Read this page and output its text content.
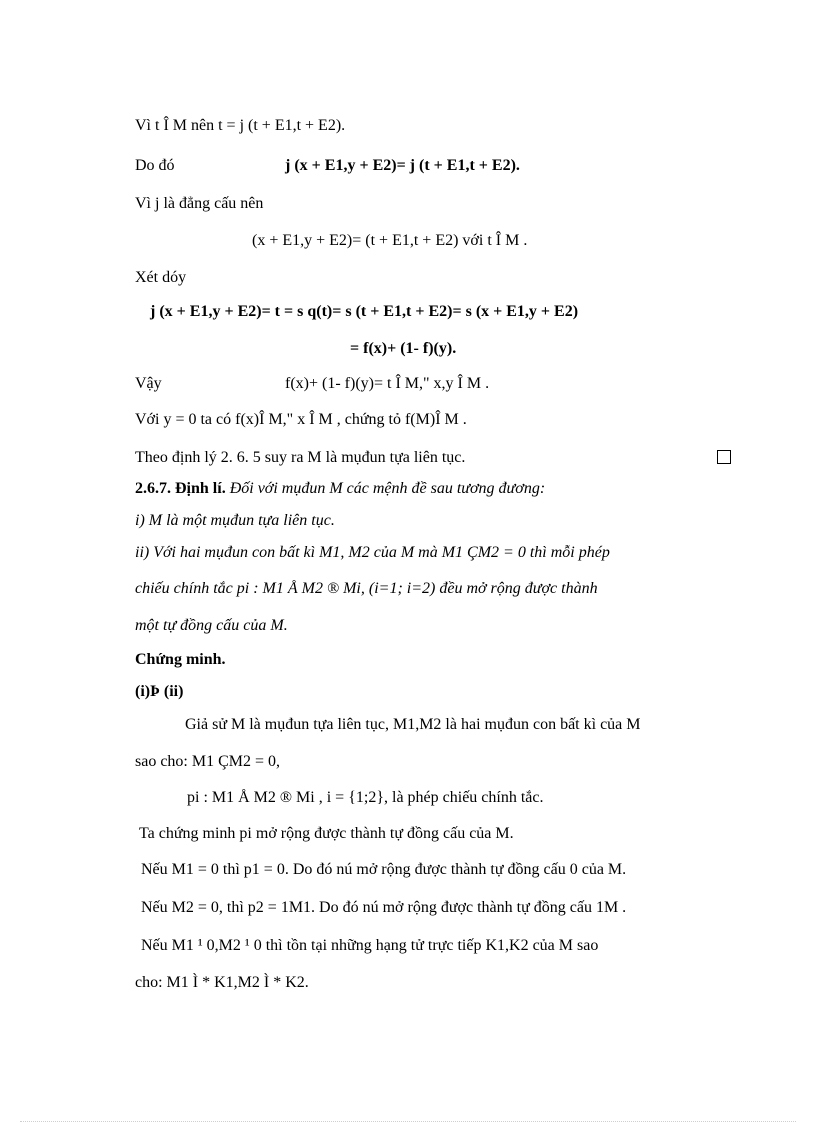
Vì t Î M nên t = j (t + E1,t + E2).
Do đó	j (x + E1,y + E2)= j (t + E1,t + E2).
Vì j là đẳng cấu nên
(x + E1,y + E2)= (t + E1,t + E2) với t Î M .
Xét dóy
j (x + E1,y + E2)= t = s q(t)= s (t + E1,t + E2)= s (x + E1,y + E2)
= f(x)+ (1- f)(y).
Vậy	f(x)+ (1- f)(y)= t Î M," x,y Î M .
Với y = 0 ta có f(x)Î M," x Î M , chứng tỏ f(M)Î M .
Theo định lý 2. 6. 5 suy ra M là mụđun tựa liên tục.
2.6.7. Định lí. Đối với mụđun M các mệnh đề sau tương đương:
i) M là một mụđun tựa liên tục.
ii) Với hai mụđun con bất kì M1, M2 của M mà M1 ÇM2 = 0 thì mỗi phép
chiếu chính tắc pi : M1 Å M2 ® Mi, (i=1; i=2) đều mở rộng được thành
một tự đồng cấu của M.
Chứng minh.
(i)Þ (ii)
Giả sử M là mụđun tựa liên tục, M1,M2 là hai mụđun con bất kì của M
sao cho: M1 ÇM2 = 0,
pi : M1 Å M2 ® Mi , i = {1;2}, là phép chiếu chính tắc.
Ta chứng minh pi mở rộng được thành tự đồng cấu của M.
Nếu M1 = 0 thì p1 = 0. Do đó nú mở rộng được thành tự đồng cấu 0 của M.
Nếu M2 = 0, thì p2 = 1M1. Do đó nú mở rộng được thành tự đồng cấu 1M .
Nếu M1 ¹ 0,M2 ¹ 0 thì tồn tại những hạng tử trực tiếp K1,K2 của M sao
cho: M1 Ì * K1,M2 Ì * K2.
